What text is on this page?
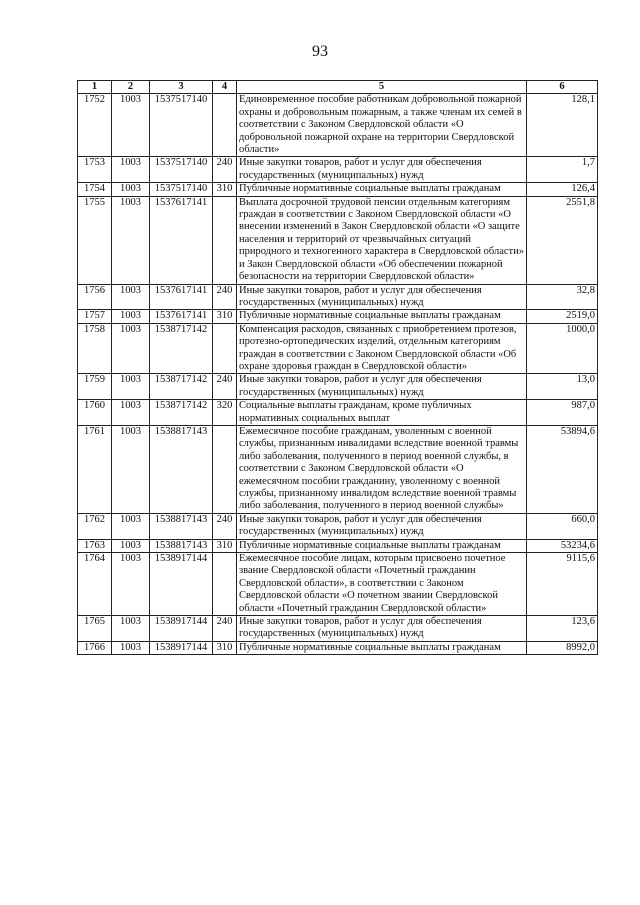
93
1	2	3	4	5	6
1752	1003	1537517140		Единовременное пособие работникам добровольной пожарной охраны и добровольным пожарным, а также членам их семей в соответствии с Законом Свердловской области «О добровольной пожарной охране на территории Свердловской области»	128,1
1753	1003	1537517140	240	Иные закупки товаров, работ и услуг для обеспечения государственных (муниципальных) нужд	1,7
1754	1003	1537517140	310	Публичные нормативные социальные выплаты гражданам	126,4
1755	1003	1537617141		Выплата досрочной трудовой пенсии отдельным категориям граждан в соответствии с Законом Свердловской области «О внесении изменений в Закон Свердловской области «О защите населения и территорий от чрезвычайных ситуаций природного и техногенного характера в Свердловской области» и Закон Свердловской области «Об обеспечении пожарной безопасности на территории Свердловской области»	2551,8
1756	1003	1537617141	240	Иные закупки товаров, работ и услуг для обеспечения государственных (муниципальных) нужд	32,8
1757	1003	1537617141	310	Публичные нормативные социальные выплаты гражданам	2519,0
1758	1003	1538717142		Компенсация расходов, связанных с приобретением протезов, протезно-ортопедических изделий, отдельным категориям граждан в соответствии с Законом Свердловской области «Об охране здоровья граждан в Свердловской области»	1000,0
1759	1003	1538717142	240	Иные закупки товаров, работ и услуг для обеспечения государственных (муниципальных) нужд	13,0
1760	1003	1538717142	320	Социальные выплаты гражданам, кроме публичных нормативных социальных выплат	987,0
1761	1003	1538817143		Ежемесячное пособие гражданам, уволенным с военной службы, признанным инвалидами вследствие военной травмы либо заболевания, полученного в период военной службы, в соответствии с Законом Свердловской области «О ежемесячном пособии гражданину, уволенному с военной службы, признанному инвалидом вследствие военной травмы либо заболевания, полученного в период военной службы»	53894,6
1762	1003	1538817143	240	Иные закупки товаров, работ и услуг для обеспечения государственных (муниципальных) нужд	660,0
1763	1003	1538817143	310	Публичные нормативные социальные выплаты гражданам	53234,6
1764	1003	1538917144		Ежемесячное пособие лицам, которым присвоено почетное звание Свердловской области «Почетный гражданин Свердловской области», в соответствии с Законом Свердловской области «О почетном звании Свердловской области «Почетный гражданин Свердловской области»	9115,6
1765	1003	1538917144	240	Иные закупки товаров, работ и услуг для обеспечения государственных (муниципальных) нужд	123,6
1766	1003	1538917144	310	Публичные нормативные социальные выплаты гражданам	8992,0
